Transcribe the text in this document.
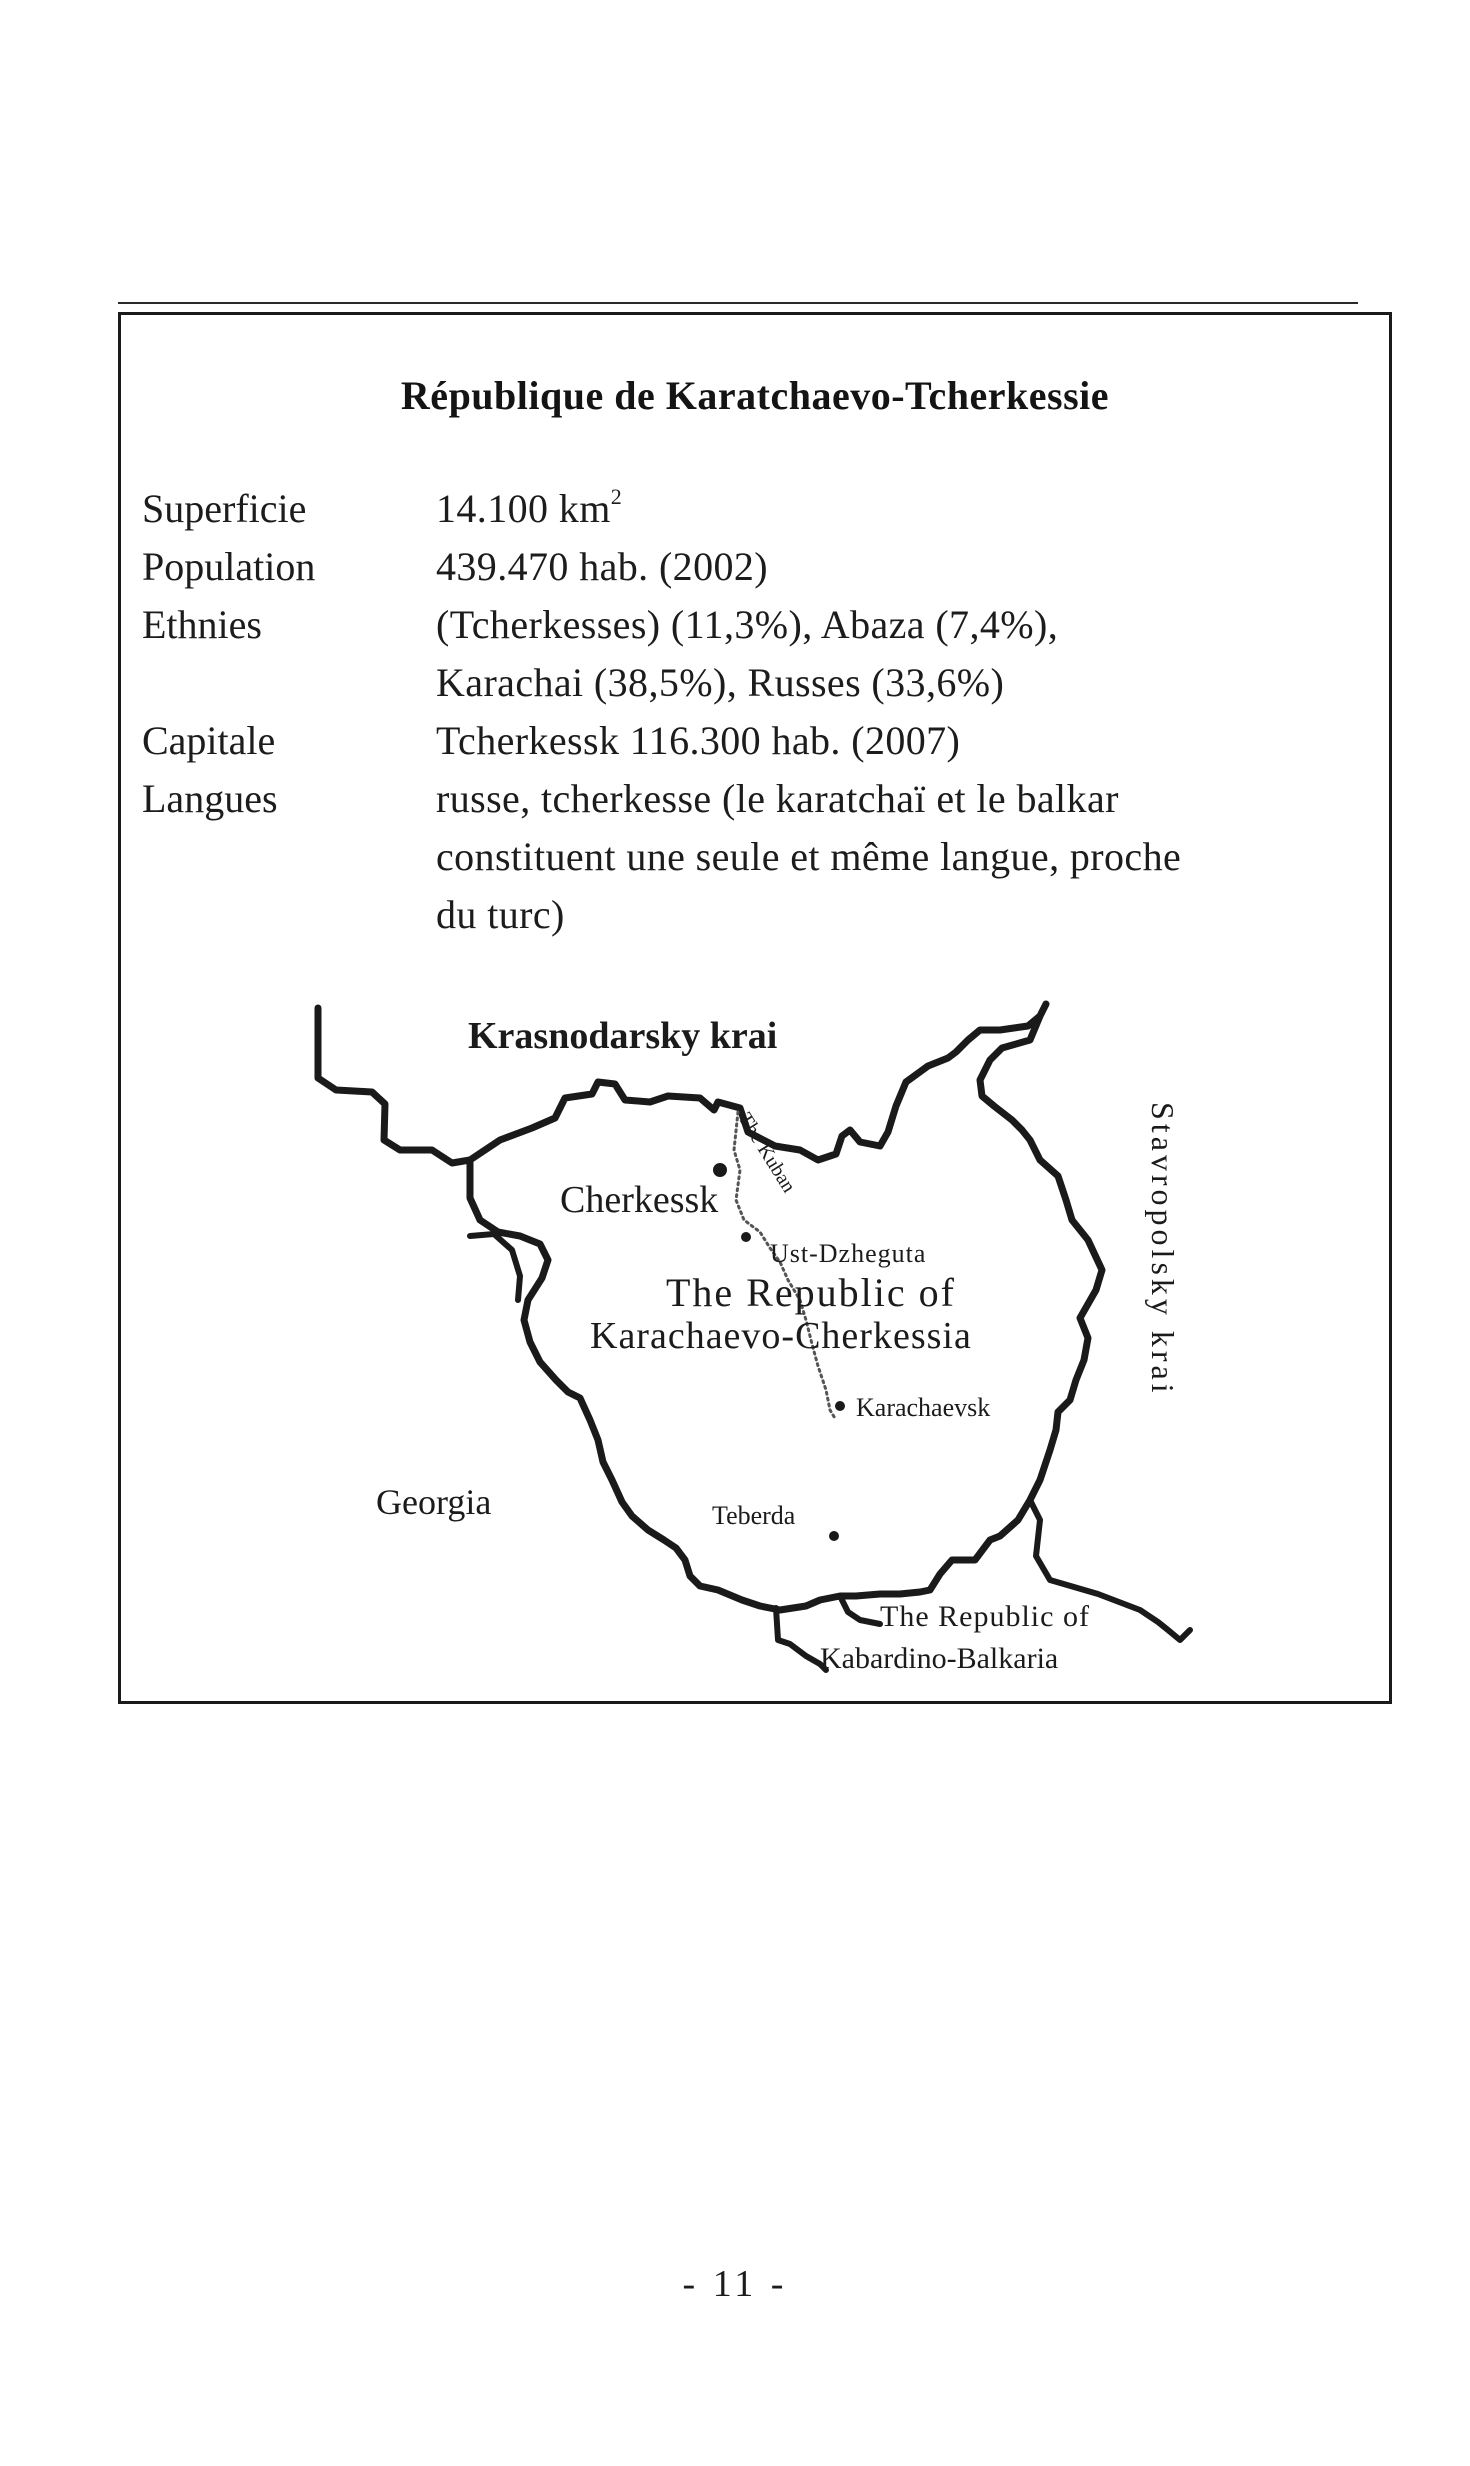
République de Karatchaevo-Tcherkessie
Superficie	14.100 $km^2$
Population	439.470 hab. (2002)
Ethnies	(Tcherkesses) (11,3%), Abaza (7,4%),
Karachai (38,5%), Russes (33,6%)
Capitale	Tcherkessk 116.300 hab. (2007)
Langues	russe, tcherkesse (le karatchaï et le balkar
constituent une seule et même langue, proche
du turc)
Krasnodarsky krai
Stavropolsky krai
Georgia
The Kuban
Cherkessk
Ust-Dzheguta
The Republic of
Karachaevo-Cherkessia
Karachaevsk
Teberda
The Republic of
Kabardino-Balkaria
- 11 -
